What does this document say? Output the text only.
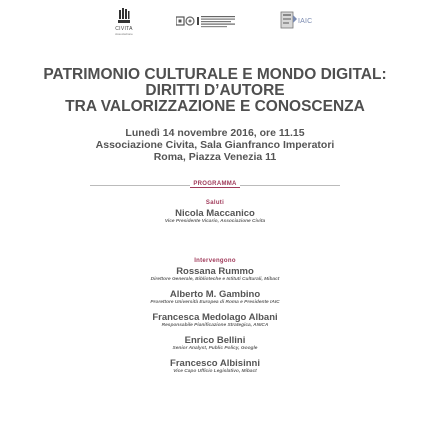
CIVITA
Associazione
IAIC
PATRIMONIO CULTURALE E MONDO DIGITAL:
DIRITTI D’AUTORE
TRA VALORIZZAZIONE E CONOSCENZA
Lunedì 14 novembre 2016, ore 11.15
Associazione Civita, Sala Gianfranco Imperatori
Roma, Piazza Venezia 11
PROGRAMMA
Saluti
Nicola Maccanico
Vice Presidente Vicario, Associazione Civita
Intervengono
Rossana Rummo
Direttore Generale, Biblioteche e Istituti Culturali, Mibact
Alberto M. Gambino
Prorettore Università Europea di Roma e Presidente IAIC
Francesca Medolago Albani
Responsabile Pianificazione Strategica, ANICA
Enrico Bellini
Senior Analyst, Public Policy, Google
Francesco Albisinni
Vice Capo Ufficio Legislativo, Mibact
